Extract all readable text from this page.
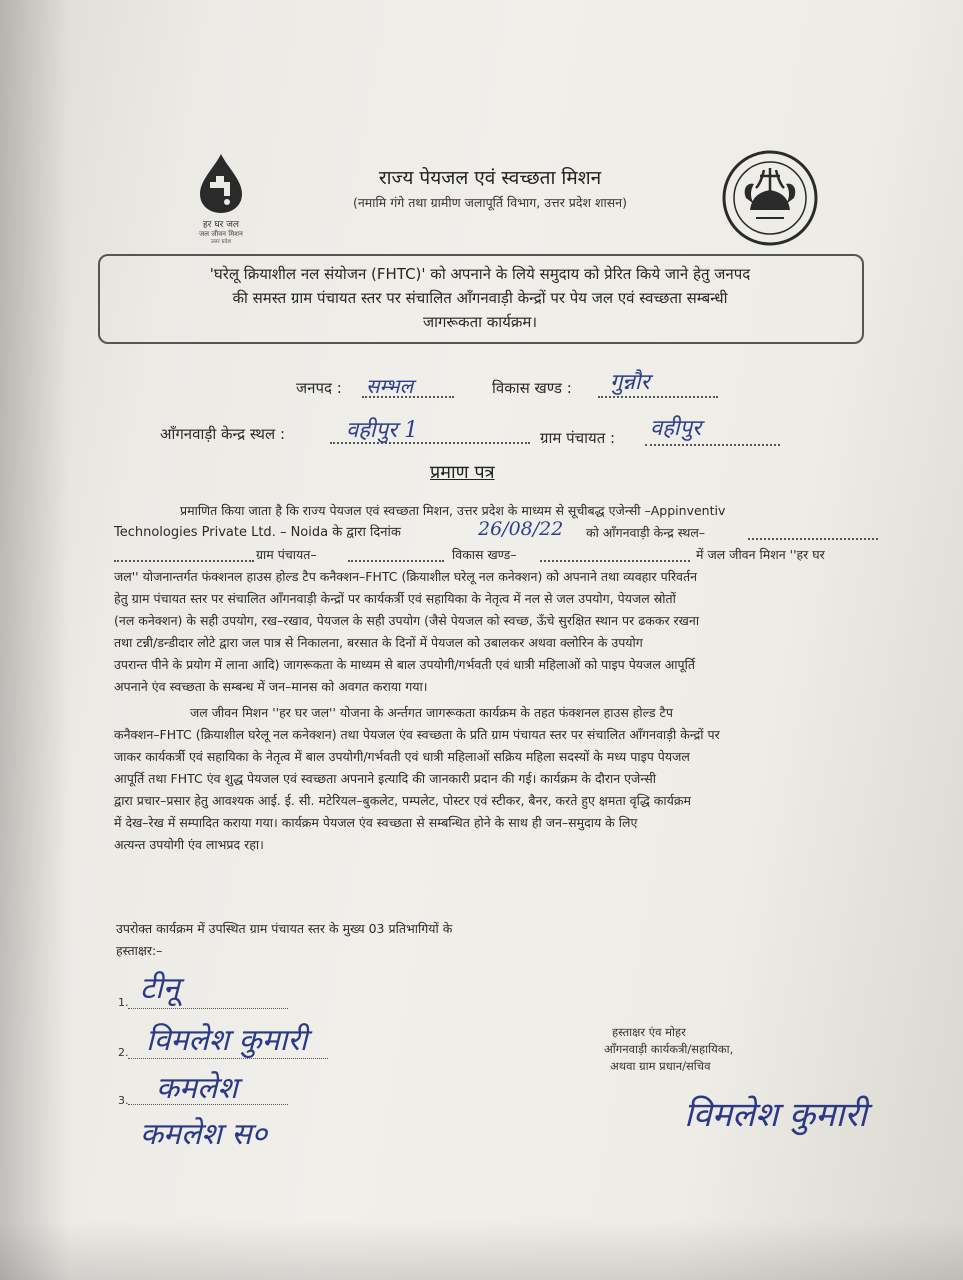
हर घर जल
जल जीवन मिशन
उत्तर प्रदेश
राज्य पेयजल एवं स्वच्छता मिशन
(नमामि गंगे तथा ग्रामीण जलापूर्ति विभाग, उत्तर प्रदेश शासन)
'घरेलू क्रियाशील नल संयोजन (FHTC)' को अपनाने के लिये समुदाय को प्रेरित किये जाने हेतु जनपद
की समस्त ग्राम पंचायत स्तर पर संचालित आँगनवाड़ी केन्द्रों पर पेय जल एवं स्वच्छता सम्बन्धी
जागरूकता कार्यक्रम।
जनपद : सम्भल	विकास खण्ड : गुन्नौर
आँगनवाड़ी केन्द्र स्थल :	वहीपुर 1	ग्राम पंचायत : वहीपुर
प्रमाण पत्र
प्रमाणित किया जाता है कि राज्य पेयजल एवं स्वच्छता मिशन, उत्तर प्रदेश के माध्यम से सूचीबद्ध एजेन्सी –Appinventiv
Technologies Private Ltd. – Noida के द्वारा दिनांक	26/08/22 को आँगनवाड़ी केन्द्र स्थल–
ग्राम पंचायत–	विकास खण्ड–	में जल जीवन मिशन ''हर घर
जल'' योजनान्तर्गत फंक्शनल हाउस होल्ड टैप कनैक्शन–FHTC (क्रियाशील घरेलू नल कनेक्शन) को अपनाने तथा व्यवहार परिवर्तन
हेतु ग्राम पंचायत स्तर पर संचालित आँगनवाड़ी केन्द्रों पर कार्यकर्त्री एवं सहायिका के नेतृत्व में नल से जल उपयोग, पेयजल स्रोतों
(नल कनेक्शन) के सही उपयोग, रख–रखाव, पेयजल के सही उपयोग (जैसे पेयजल को स्वच्छ, ऊँचे सुरक्षित स्थान पर ढककर रखना
तथा टन्नी/डन्डीदार लोटे द्वारा जल पात्र से निकालना, बरसात के दिनों में पेयजल को उबालकर अथवा क्लोरिन के उपयोग
उपरान्त पीने के प्रयोग में लाना आदि) जागरूकता के माध्यम से बाल उपयोगी/गर्भवती एवं धात्री महिलाओं को पाइप पेयजल आपूर्ति
अपनाने एंव स्वच्छता के सम्बन्ध में जन–मानस को अवगत कराया गया।
जल जीवन मिशन ''हर घर जल'' योजना के अर्न्तगत जागरूकता कार्यक्रम के तहत फंक्शनल हाउस होल्ड टैप
कनैक्शन–FHTC (क्रियाशील घरेलू नल कनेक्शन) तथा पेयजल एंव स्वच्छता के प्रति ग्राम पंचायत स्तर पर संचालित आँगनवाड़ी केन्द्रों पर
जाकर कार्यकर्त्री एवं सहायिका के नेतृत्व में बाल उपयोगी/गर्भवती एवं धात्री महिलाओं सक्रिय महिला सदस्यों के मध्य पाइप पेयजल
आपूर्ति तथा FHTC एंव शुद्ध पेयजल एवं स्वच्छता अपनाने इत्यादि की जानकारी प्रदान की गई। कार्यक्रम के दौरान एजेन्सी
द्वारा प्रचार–प्रसार हेतु आवश्यक आई. ई. सी. मटेरियल–बुकलेट, पम्पलेट, पोस्टर एवं स्टीकर, बैनर, करते हुए क्षमता वृद्धि कार्यक्रम
में देख–रेख में सम्पादित कराया गया। कार्यक्रम पेयजल एंव स्वच्छता से सम्बन्धित होने के साथ ही जन–समुदाय के लिए
अत्यन्त उपयोगी एंव लाभप्रद रहा।
उपरोक्त कार्यक्रम में उपस्थित ग्राम पंचायत स्तर के मुख्य 03 प्रतिभागियों के
हस्ताक्षर:–
1. टीनू
2. विमलेश कुमारी
3. कमलेश
कमलेश स०
हस्ताक्षर एंव मोहर
आँगनवाड़ी कार्यकत्री/सहायिका,
अथवा ग्राम प्रधान/सचिव
विमलेश कुमारी
